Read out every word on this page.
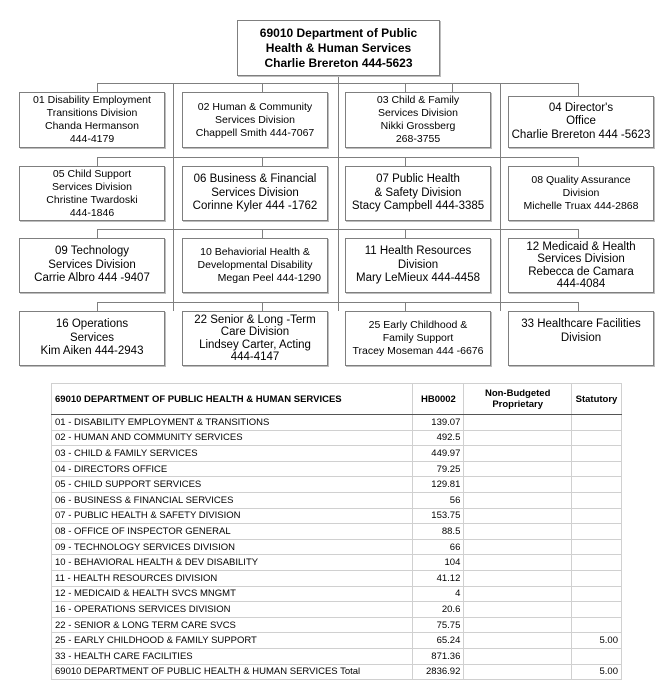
69010 Department of Public
Health & Human Services
Charlie Brereton 444-5623
01 Disability Employment
Transitions Division
Chanda Hermanson
444-4179
02 Human & Community
Services Division
Chappell Smith 444-7067
03 Child & Family
Services Division
Nikki Grossberg
268-3755
04 Director's
Office
Charlie Brereton 444 -5623
05 Child Support
Services Division
Christine Twardoski
444-1846
06 Business & Financial
Services Division
Corinne Kyler 444 -1762
07 Public Health
& Safety Division
Stacy Campbell 444-3385
08 Quality Assurance
Division
Michelle Truax 444-2868
09 Technology
Services Division
Carrie Albro 444 -9407
10 Behaviorial Health &
Developmental Disability
Megan Peel 444-1290
11 Health Resources
Division
Mary LeMieux 444-4458
12 Medicaid & Health
Services Division
Rebecca de Camara
444-4084
16 Operations
Services
Kim Aiken 444-2943
22 Senior & Long -Term
Care Division
Lindsey Carter, Acting
444-4147
25 Early Childhood &
Family Support
Tracey Moseman 444 -6676
33 Healthcare Facilities
Division
69010 DEPARTMENT OF PUBLIC HEALTH & HUMAN SERVICES	HB0002	Non-Budgeted
Proprietary	Statutory
01 - DISABILITY EMPLOYMENT & TRANSITIONS	139.07		
02 - HUMAN AND COMMUNITY SERVICES	492.5		
03 - CHILD & FAMILY SERVICES	449.97		
04 - DIRECTORS OFFICE	79.25		
05 - CHILD SUPPORT SERVICES	129.81		
06 - BUSINESS & FINANCIAL SERVICES	56		
07 - PUBLIC HEALTH & SAFETY DIVISION	153.75		
08 - OFFICE OF INSPECTOR GENERAL	88.5		
09 - TECHNOLOGY SERVICES DIVISION	66		
10 - BEHAVIORAL HEALTH & DEV DISABILITY	104		
11 - HEALTH RESOURCES DIVISION	41.12		
12 - MEDICAID & HEALTH SVCS MNGMT	4		
16 - OPERATIONS SERVICES DIVISION	20.6		
22 - SENIOR & LONG TERM CARE SVCS	75.75		
25 - EARLY CHILDHOOD & FAMILY SUPPORT	65.24		5.00
33 - HEALTH CARE FACILITIES	871.36		
69010 DEPARTMENT OF PUBLIC HEALTH & HUMAN SERVICES Total	2836.92		5.00
